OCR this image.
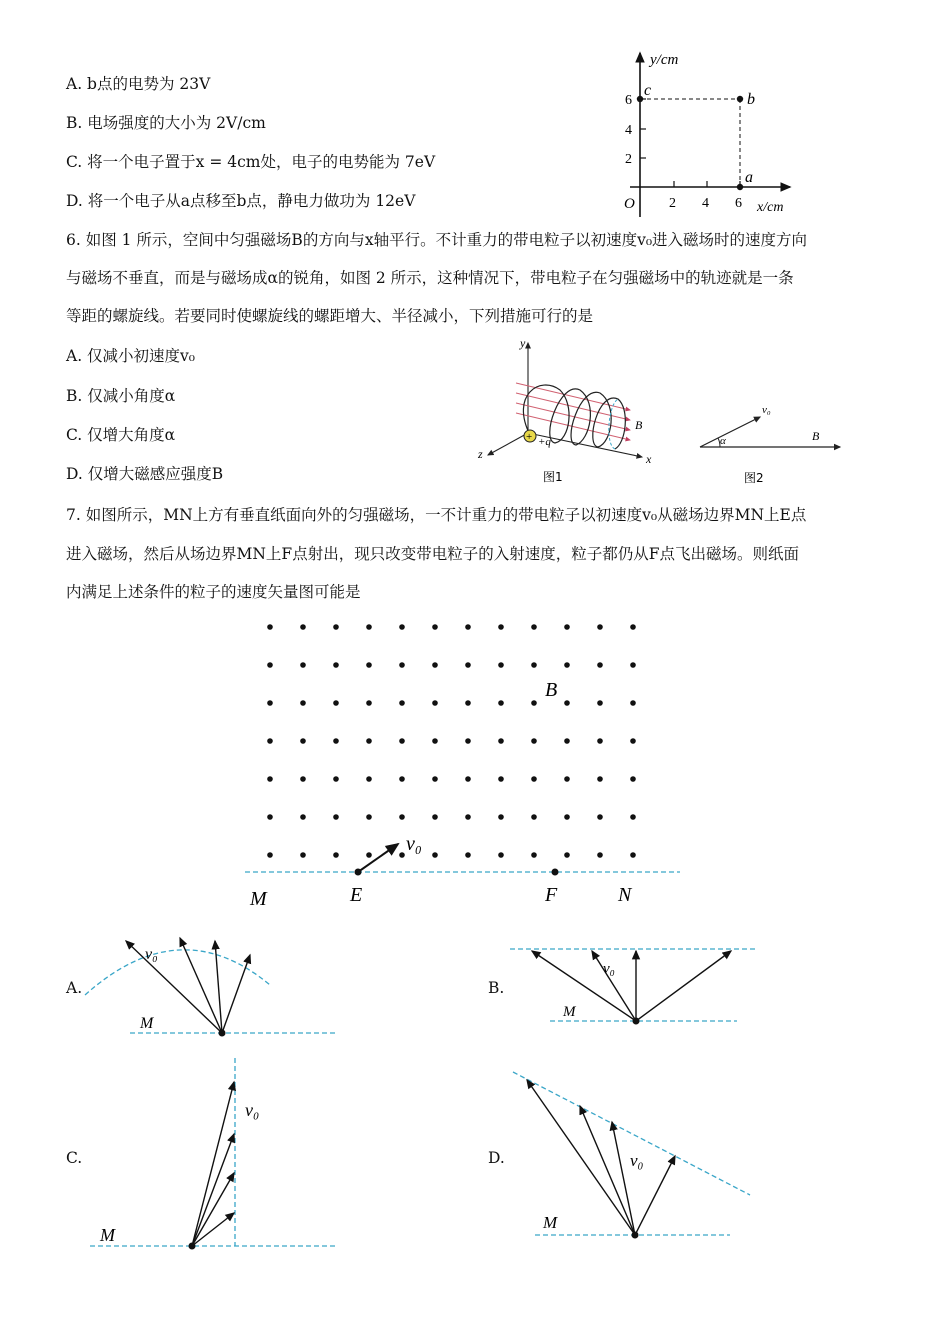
A. b点的电势为 23V
B. 电场强度的大小为 2V/cm
C. 将一个电子置于x = 4cm处，电子的电势能为 7eV
D. 将一个电子从a点移至b点，静电力做功为 12eV
y/cm
x/cm
O 2 4 6
2
4
6
c
b
a
6. 如图 1 所示，空间中匀强磁场B的方向与x轴平行。不计重力的带电粒子以初速度v₀进入磁场时的速度方向
与磁场不垂直，而是与磁场成α的锐角，如图 2 所示，这种情况下，带电粒子在匀强磁场中的轨迹就是一条
等距的螺旋线。若要同时使螺旋线的螺距增大、半径减小，下列措施可行的是
A. 仅减小初速度v₀
B. 仅减小角度α
C. 仅增大角度α
D. 仅增大磁感应强度B
+
y
z	x
B
+q
图1
α
v₀
B
图2
7. 如图所示，MN上方有垂直纸面向外的匀强磁场，一不计重力的带电粒子以初速度v₀从磁场边界MN上E点
进入磁场，然后从场边界MN上F点射出，现只改变带电粒子的入射速度，粒子都仍从F点飞出磁场。则纸面
内满足上述条件的粒子的速度矢量图可能是
B
v₀
M	E	F	N
A.
v₀
M
B.
v₀
M
C.
v₀
M
D.	v₀
M
